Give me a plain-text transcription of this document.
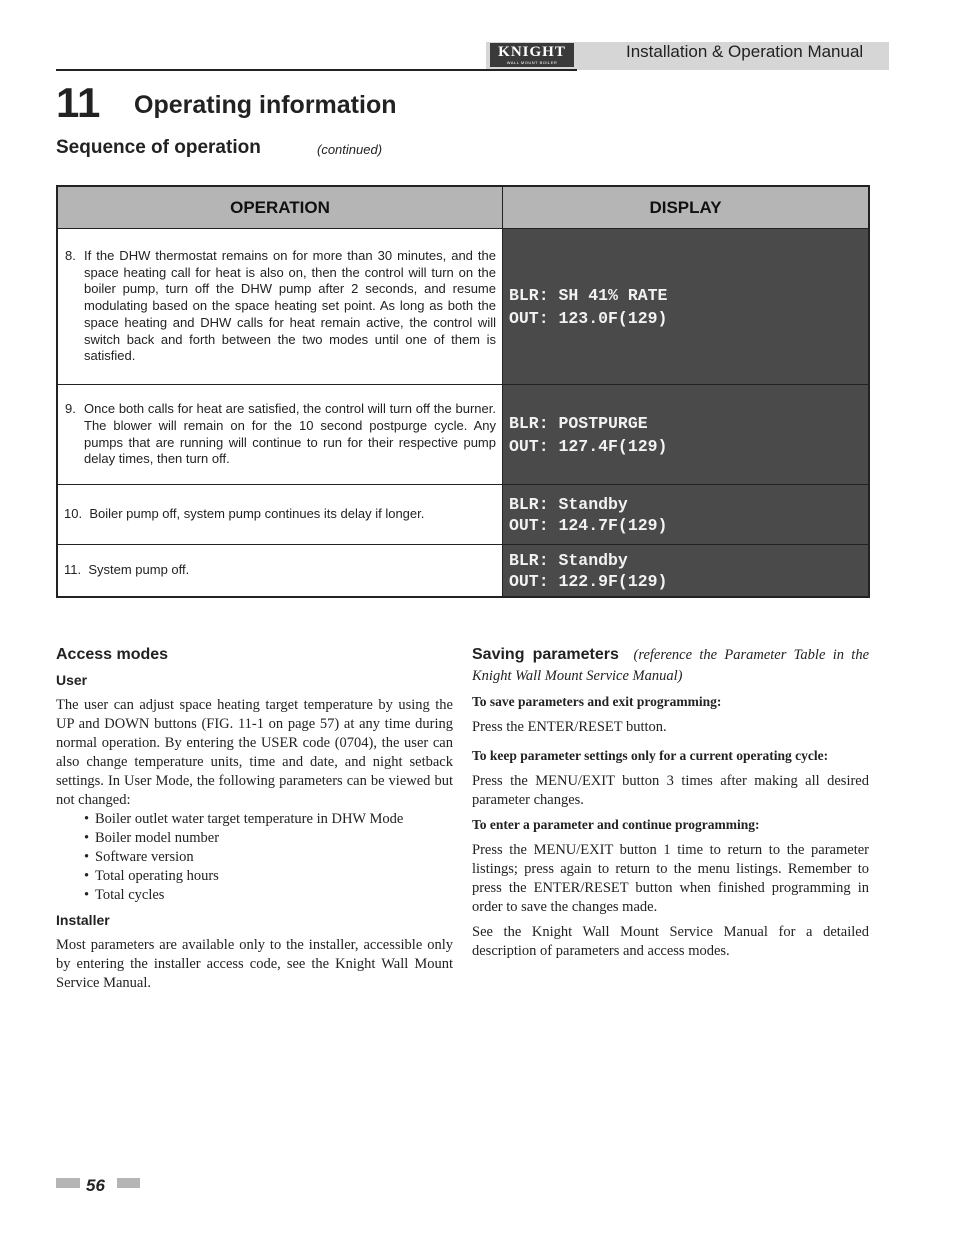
KNIGHT
WALL MOUNT BOILER
Installation & Operation Manual
11 Operating information
Sequence of operation	(continued)
OPERATION	DISPLAY
8. If the DHW thermostat remains on for more than 30 minutes, and the space heating call for heat is also on, then the control will turn on the boiler pump, turn off the DHW pump after 2 seconds, and resume modulating based on the space heating set point. As long as both the space heating and DHW calls for heat remain active, the control will switch back and forth between the two modes until one of them is satisfied.
BLR: SH 41% RATE
OUT: 123.0F(129)
9. Once both calls for heat are satisfied, the control will turn off the burner. The blower will remain on for the 10 second postpurge cycle. Any pumps that are running will continue to run for their respective pump delay times, then turn off.
BLR: POSTPURGE
OUT: 127.4F(129)
10. Boiler pump off, system pump continues its delay if longer.
BLR: Standby
OUT: 124.7F(129)
11. System pump off.
BLR: Standby
OUT: 122.9F(129)
Access modes
User
The user can adjust space heating target temperature by using the UP and DOWN buttons (FIG. 11-1 on page 57) at any time during normal operation. By entering the USER code (0704), the user can also change temperature units, time and date, and night setback settings. In User Mode, the following parameters can be viewed but not changed:
• Boiler outlet water target temperature in DHW Mode
• Boiler model number
• Software version
• Total operating hours
• Total cycles
Installer
Most parameters are available only to the installer, accessible only by entering the installer access code, see the Knight Wall Mount Service Manual.
Saving parameters (reference the Parameter Table in the Knight Wall Mount Service Manual)
To save parameters and exit programming:
Press the ENTER/RESET button.
To keep parameter settings only for a current operating cycle:
Press the MENU/EXIT button 3 times after making all desired parameter changes.
To enter a parameter and continue programming:
Press the MENU/EXIT button 1 time to return to the parameter listings; press again to return to the menu listings. Remember to press the ENTER/RESET button when finished programming in order to save the changes made.
See the Knight Wall Mount Service Manual for a detailed description of parameters and access modes.
56
